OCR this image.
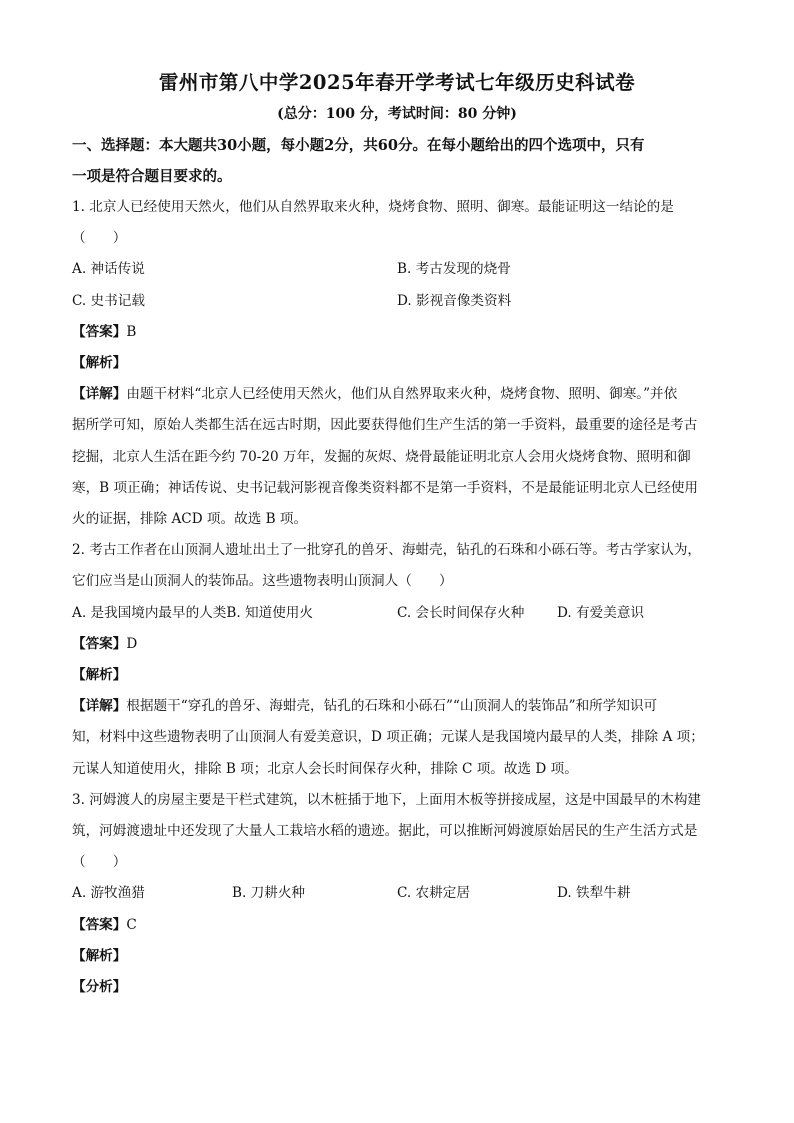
雷州市第八中学2025年春开学考试七年级历史科试卷
(总分：100 分，考试时间：80 分钟)
一、选择题：本大题共30小题，每小题2分，共60分。在每小题给出的四个选项中，只有
一项是符合题目要求的。

1. 北京人已经使用天然火，他们从自然界取来火种，烧烤食物、照明、御寒。最能证明这一结论的是

（　　）

A. 神话传说	B. 考古发现的烧骨
C. 史书记载	D. 影视音像类资料
【答案】B
【解析】

【详解】由题干材料“北京人已经使用天然火，他们从自然界取来火种，烧烤食物、照明、御寒。”并依
据所学可知，原始人类都生活在远古时期，因此要获得他们生产生活的第一手资料，最重要的途径是考古
挖掘，北京人生活在距今约 70-20 万年，发掘的灰烬、烧骨最能证明北京人会用火烧烤食物、照明和御
寒，B 项正确；神话传说、史书记载河影视音像类资料都不是第一手资料，不是最能证明北京人已经使用
火的证据，排除 ACD 项。故选 B 项。

2. 考古工作者在山顶洞人遗址出土了一批穿孔的兽牙、海蚶壳，钻孔的石珠和小砾石等。考古学家认为，

它们应当是山顶洞人的装饰品。这些遗物表明山顶洞人（　　）

A. 是我国境内最早的人类B. 知道使用火	C. 会长时间保存火种	D. 有爱美意识
【答案】D
【解析】

【详解】根据题干“穿孔的兽牙、海蚶壳，钻孔的石珠和小砾石”“山顶洞人的装饰品”和所学知识可
知，材料中这些遗物表明了山顶洞人有爱美意识，D 项正确；元谋人是我国境内最早的人类，排除 A 项；
元谋人知道使用火，排除 B 项；北京人会长时间保存火种，排除 C 项。故选 D 项。

3. 河姆渡人的房屋主要是干栏式建筑，以木桩插于地下，上面用木板等拼接成屋，这是中国最早的木构建

筑，河姆渡遗址中还发现了大量人工栽培水稻的遗迹。据此，可以推断河姆渡原始居民的生产生活方式是

（　　）

A. 游牧渔猎	B. 刀耕火种	C. 农耕定居	D. 铁犁牛耕
【答案】C
【解析】
【分析】
